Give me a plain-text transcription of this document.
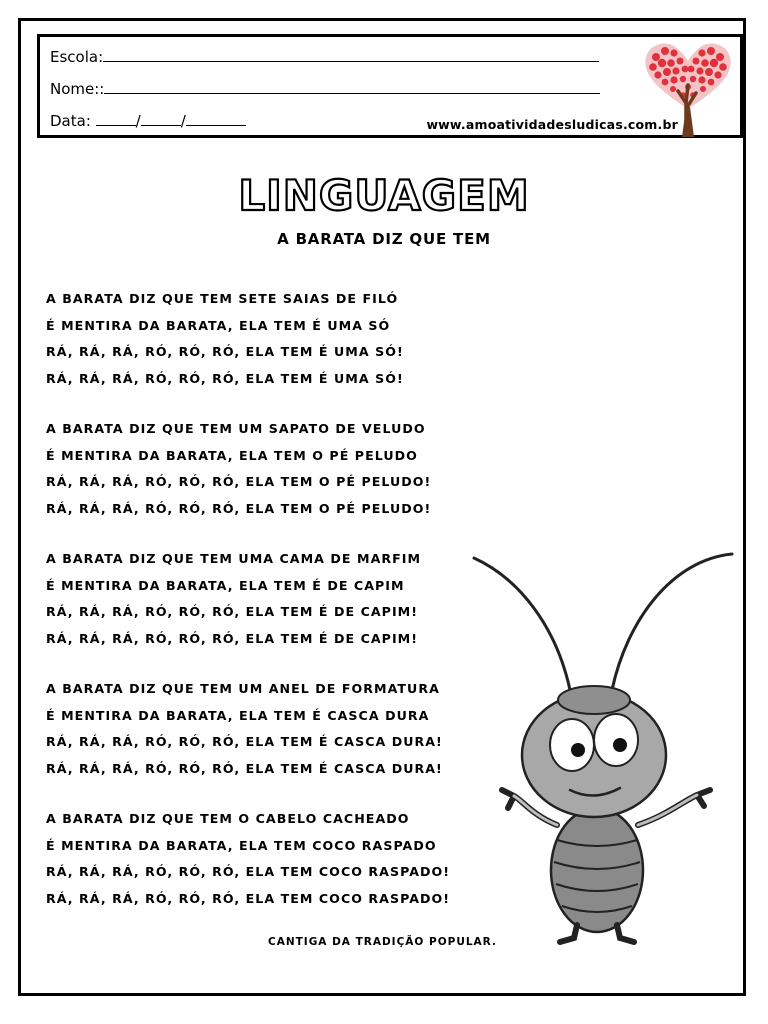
Escola:
Nome::
Data:	/	/	www.amoatividadesludicas.com.br
LINGUAGEM
A BARATA DIZ QUE TEM
A BARATA DIZ QUE TEM SETE SAIAS DE FILÓ
É MENTIRA DA BARATA, ELA TEM É UMA SÓ
RÁ, RÁ, RÁ, RÓ, RÓ, RÓ, ELA TEM É UMA SÓ!
RÁ, RÁ, RÁ, RÓ, RÓ, RÓ, ELA TEM É UMA SÓ!
A BARATA DIZ QUE TEM UM SAPATO DE VELUDO
É MENTIRA DA BARATA, ELA TEM O PÉ PELUDO
RÁ, RÁ, RÁ, RÓ, RÓ, RÓ, ELA TEM O PÉ PELUDO!
RÁ, RÁ, RÁ, RÓ, RÓ, RÓ, ELA TEM O PÉ PELUDO!
A BARATA DIZ QUE TEM UMA CAMA DE MARFIM
É MENTIRA DA BARATA, ELA TEM É DE CAPIM
RÁ, RÁ, RÁ, RÓ, RÓ, RÓ, ELA TEM É DE CAPIM!
RÁ, RÁ, RÁ, RÓ, RÓ, RÓ, ELA TEM É DE CAPIM!
A BARATA DIZ QUE TEM UM ANEL DE FORMATURA
É MENTIRA DA BARATA, ELA TEM É CASCA DURA
RÁ, RÁ, RÁ, RÓ, RÓ, RÓ, ELA TEM É CASCA DURA!
RÁ, RÁ, RÁ, RÓ, RÓ, RÓ, ELA TEM É CASCA DURA!
A BARATA DIZ QUE TEM O CABELO CACHEADO
É MENTIRA DA BARATA, ELA TEM COCO RASPADO
RÁ, RÁ, RÁ, RÓ, RÓ, RÓ, ELA TEM COCO RASPADO!
RÁ, RÁ, RÁ, RÓ, RÓ, RÓ, ELA TEM COCO RASPADO!
CANTIGA DA TRADIÇÃO POPULAR.
